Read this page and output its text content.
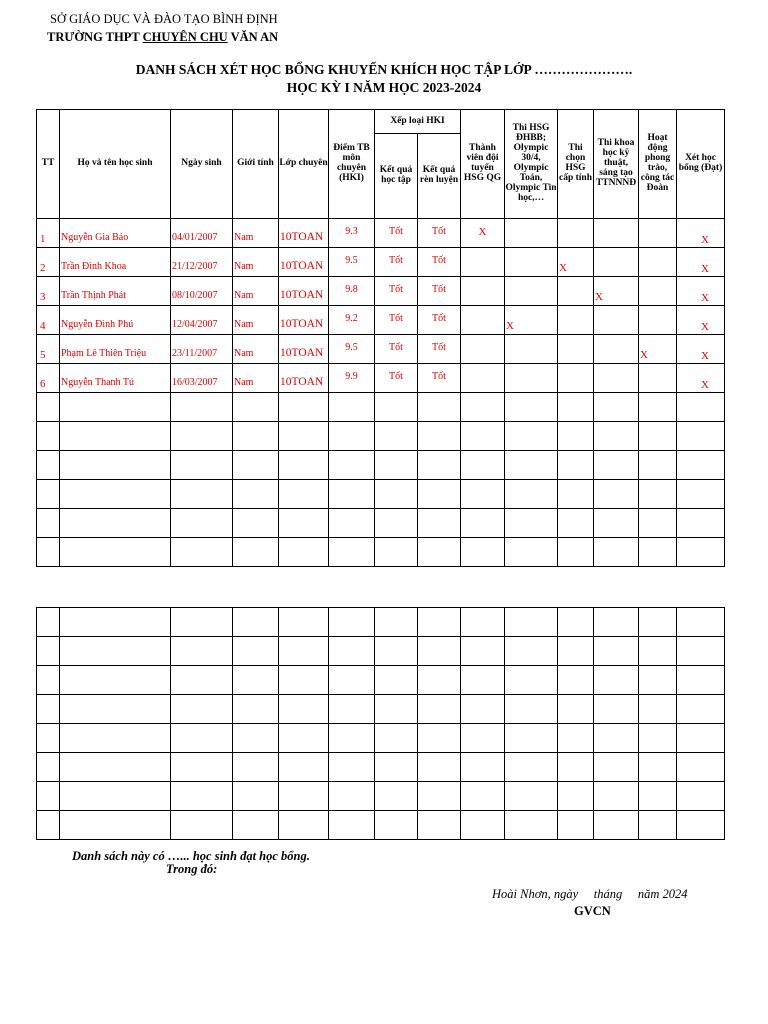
SỞ GIÁO DỤC VÀ ĐÀO TẠO BÌNH ĐỊNH
TRƯỜNG THPT CHUYÊN CHU VĂN AN
DANH SÁCH XÉT HỌC BỔNG KHUYẾN KHÍCH HỌC TẬP LỚP ………………….
HỌC KỲ I NĂM HỌC 2023-2024
TT	Họ và tên học sinh	Ngày sinh	Giới tính	Lớp chuyên	Điểm TB môn chuyên (HKI)	Xếp loại HKI		Thành viên đội tuyển HSG QG	Thi HSG ĐHBB; Olympic 30/4, Olympic Toán, Olympic Tin học,…	Thi chọn HSG cấp tỉnh	Thi khoa học kỹ thuật, sáng tạo TTNNNĐ	Hoạt động phong trào, công tác Đoàn	Xét học bổng (Đạt)
						Kết quả học tập	Kết quả rèn luyện						

1	Nguyễn Gia Bảo	04/01/2007	Nam	10TOAN	9.3	Tốt	Tốt	X					X

2	Trần Đình Khoa	21/12/2007	Nam	10TOAN	9.5	Tốt	Tốt			X			X

3	Trần Thịnh Phát	08/10/2007	Nam	10TOAN	9.8	Tốt	Tốt				X		X

4	Nguyễn Đình Phú	12/04/2007	Nam	10TOAN	9.2	Tốt	Tốt		X				X

5	Phạm Lê Thiên Triệu	23/11/2007	Nam	10TOAN	9.5	Tốt	Tốt					X	X

6	Nguyễn Thanh Tú	16/03/2007	Nam	10TOAN	9.9	Tốt	Tốt						X

Danh sách này có …... học sinh đạt học bổng.
Trong đó:
Hoài Nhơn, ngày     tháng     năm 2024
GVCN
